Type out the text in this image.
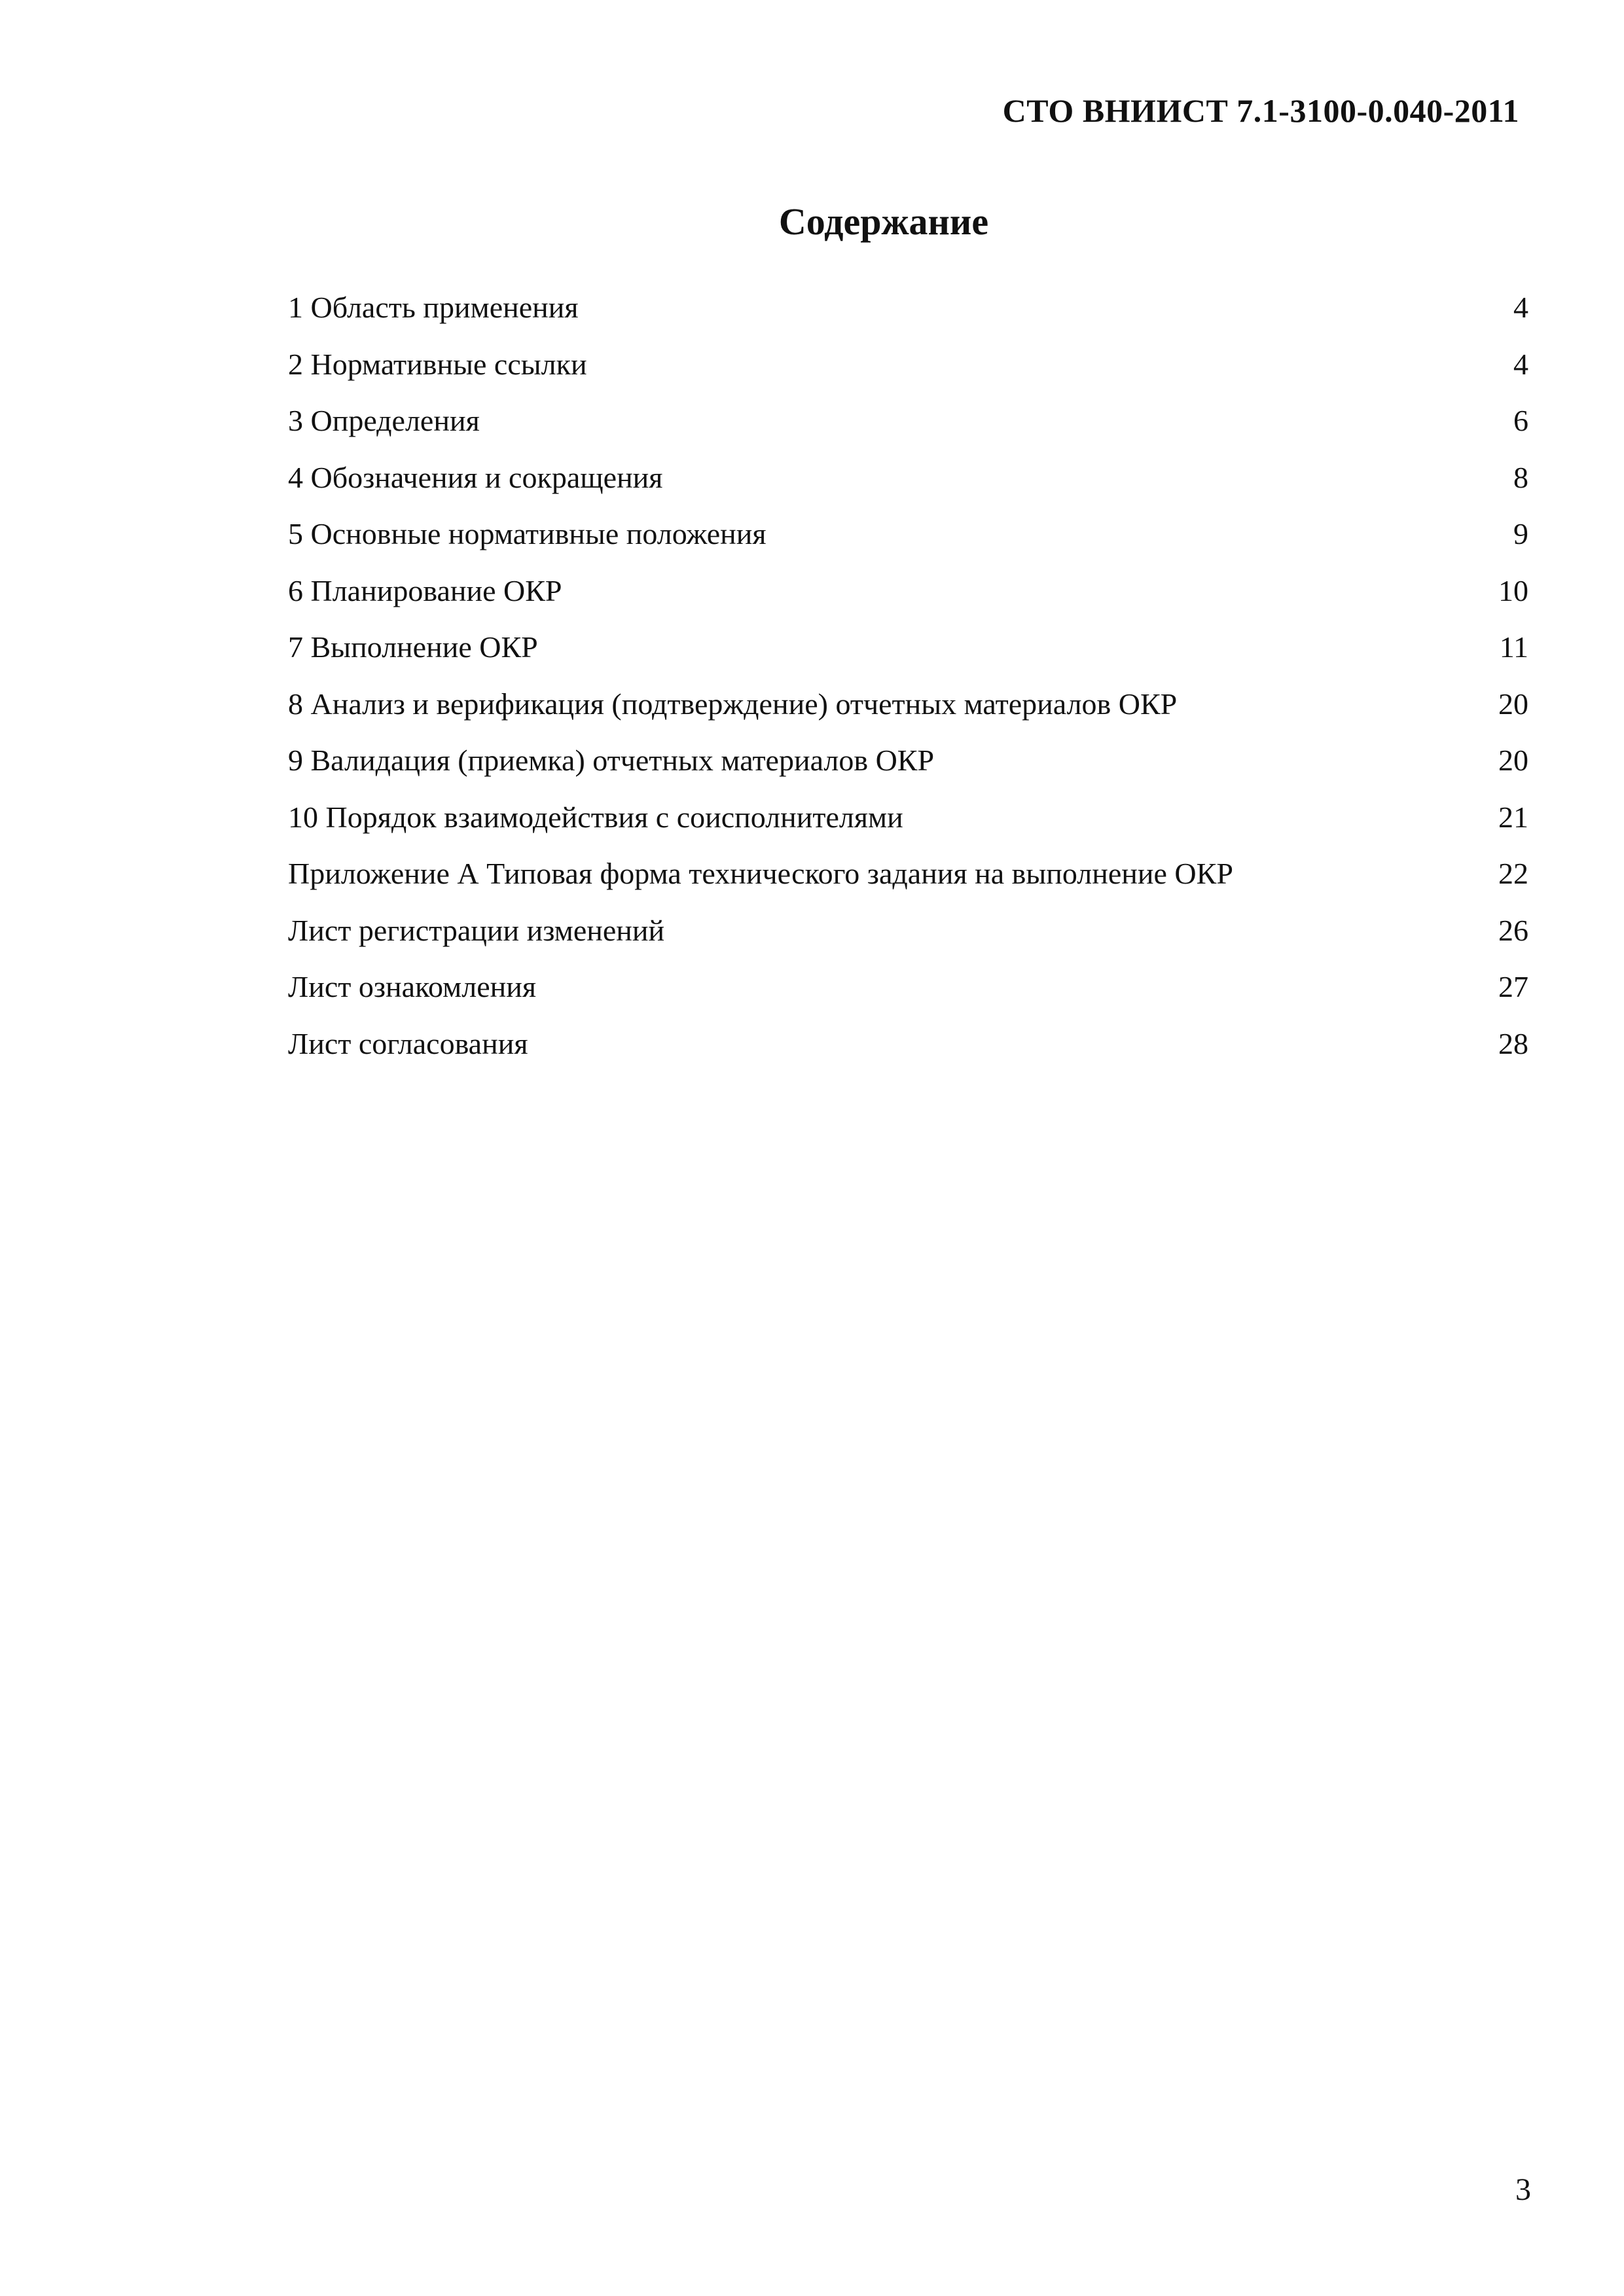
СТО ВНИИСТ 7.1-3100-0.040-2011
Содержание
1 Область применения	4
2 Нормативные ссылки	4
3 Определения	6
4 Обозначения и сокращения	8
5 Основные нормативные положения	9
6 Планирование ОКР	10
7 Выполнение ОКР	11
8 Анализ и верификация (подтверждение) отчетных материалов ОКР	20
9 Валидация (приемка) отчетных материалов ОКР	20
10 Порядок взаимодействия с соисполнителями	21
Приложение А Типовая форма технического задания на выполнение ОКР	22
Лист регистрации изменений	26
Лист ознакомления	27
Лист согласования	28
3
